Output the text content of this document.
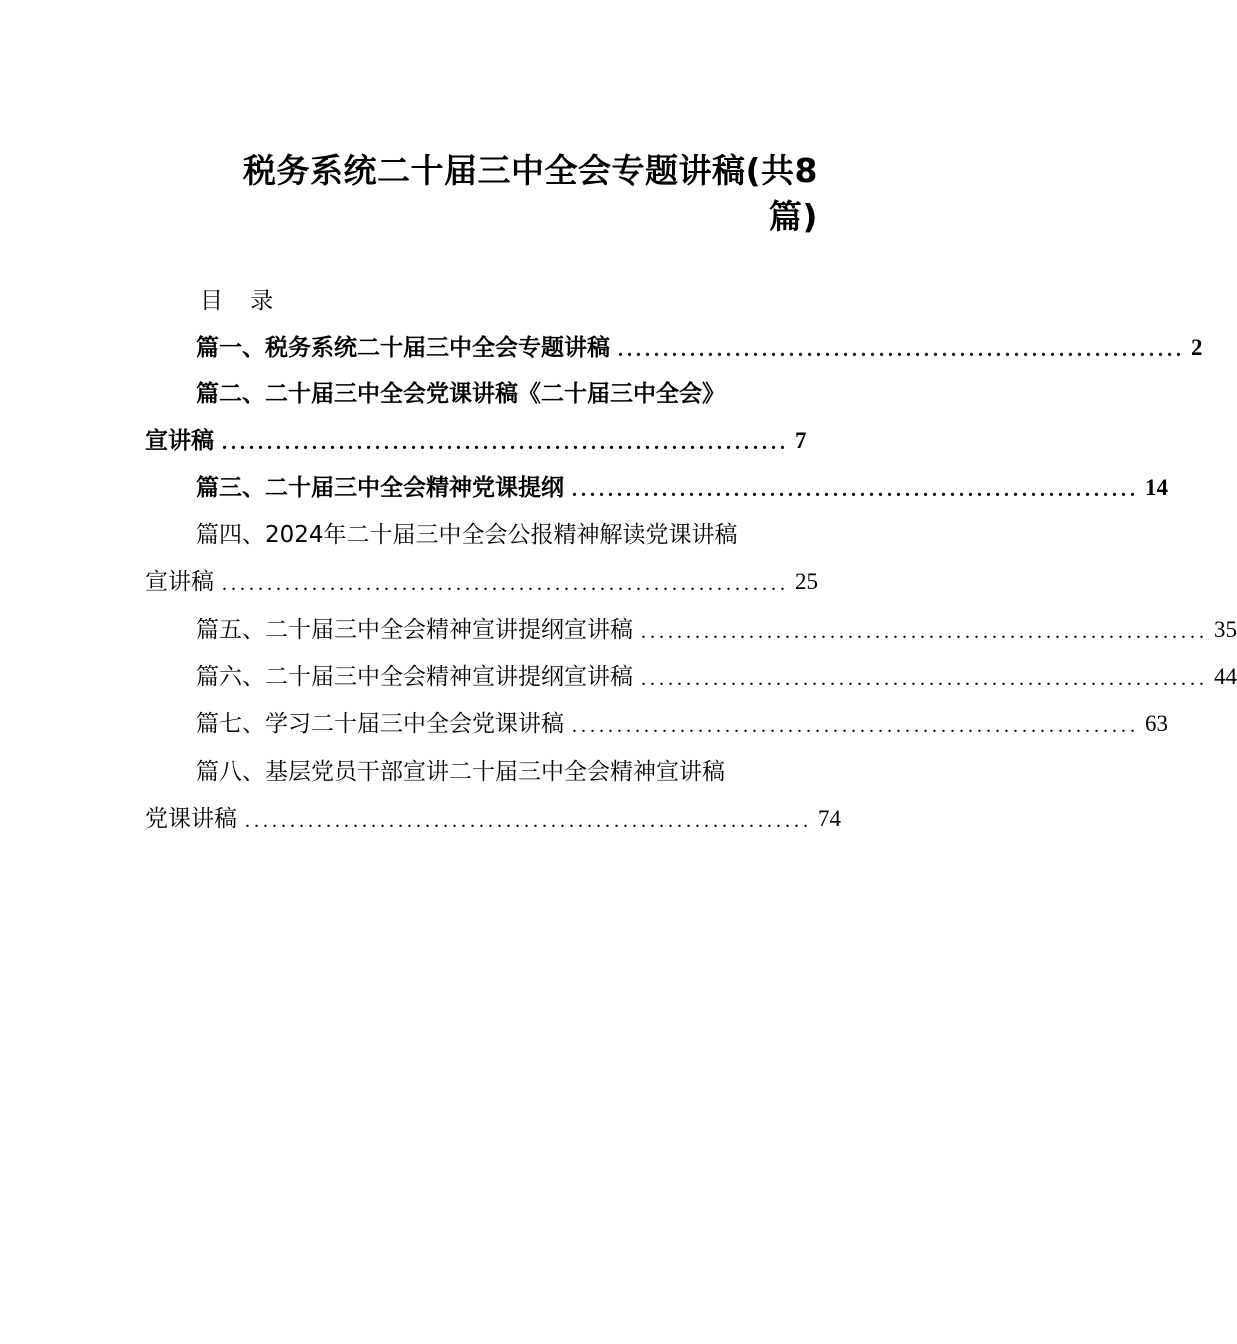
税务系统二十届三中全会专题讲稿(共8
篇)
目 录
篇一、税务系统二十届三中全会专题讲稿 ............................................................... 2
篇二、二十届三中全会党课讲稿《二十届三中全会》
宣讲稿 ............................................................... 7
篇三、二十届三中全会精神党课提纲 ............................................................... 14
篇四、2024年二十届三中全会公报精神解读党课讲稿
宣讲稿 ............................................................... 25
篇五、二十届三中全会精神宣讲提纲宣讲稿 ............................................................... 35
篇六、二十届三中全会精神宣讲提纲宣讲稿 ............................................................... 44
篇七、学习二十届三中全会党课讲稿 ............................................................... 63
篇八、基层党员干部宣讲二十届三中全会精神宣讲稿
党课讲稿 ............................................................... 74
